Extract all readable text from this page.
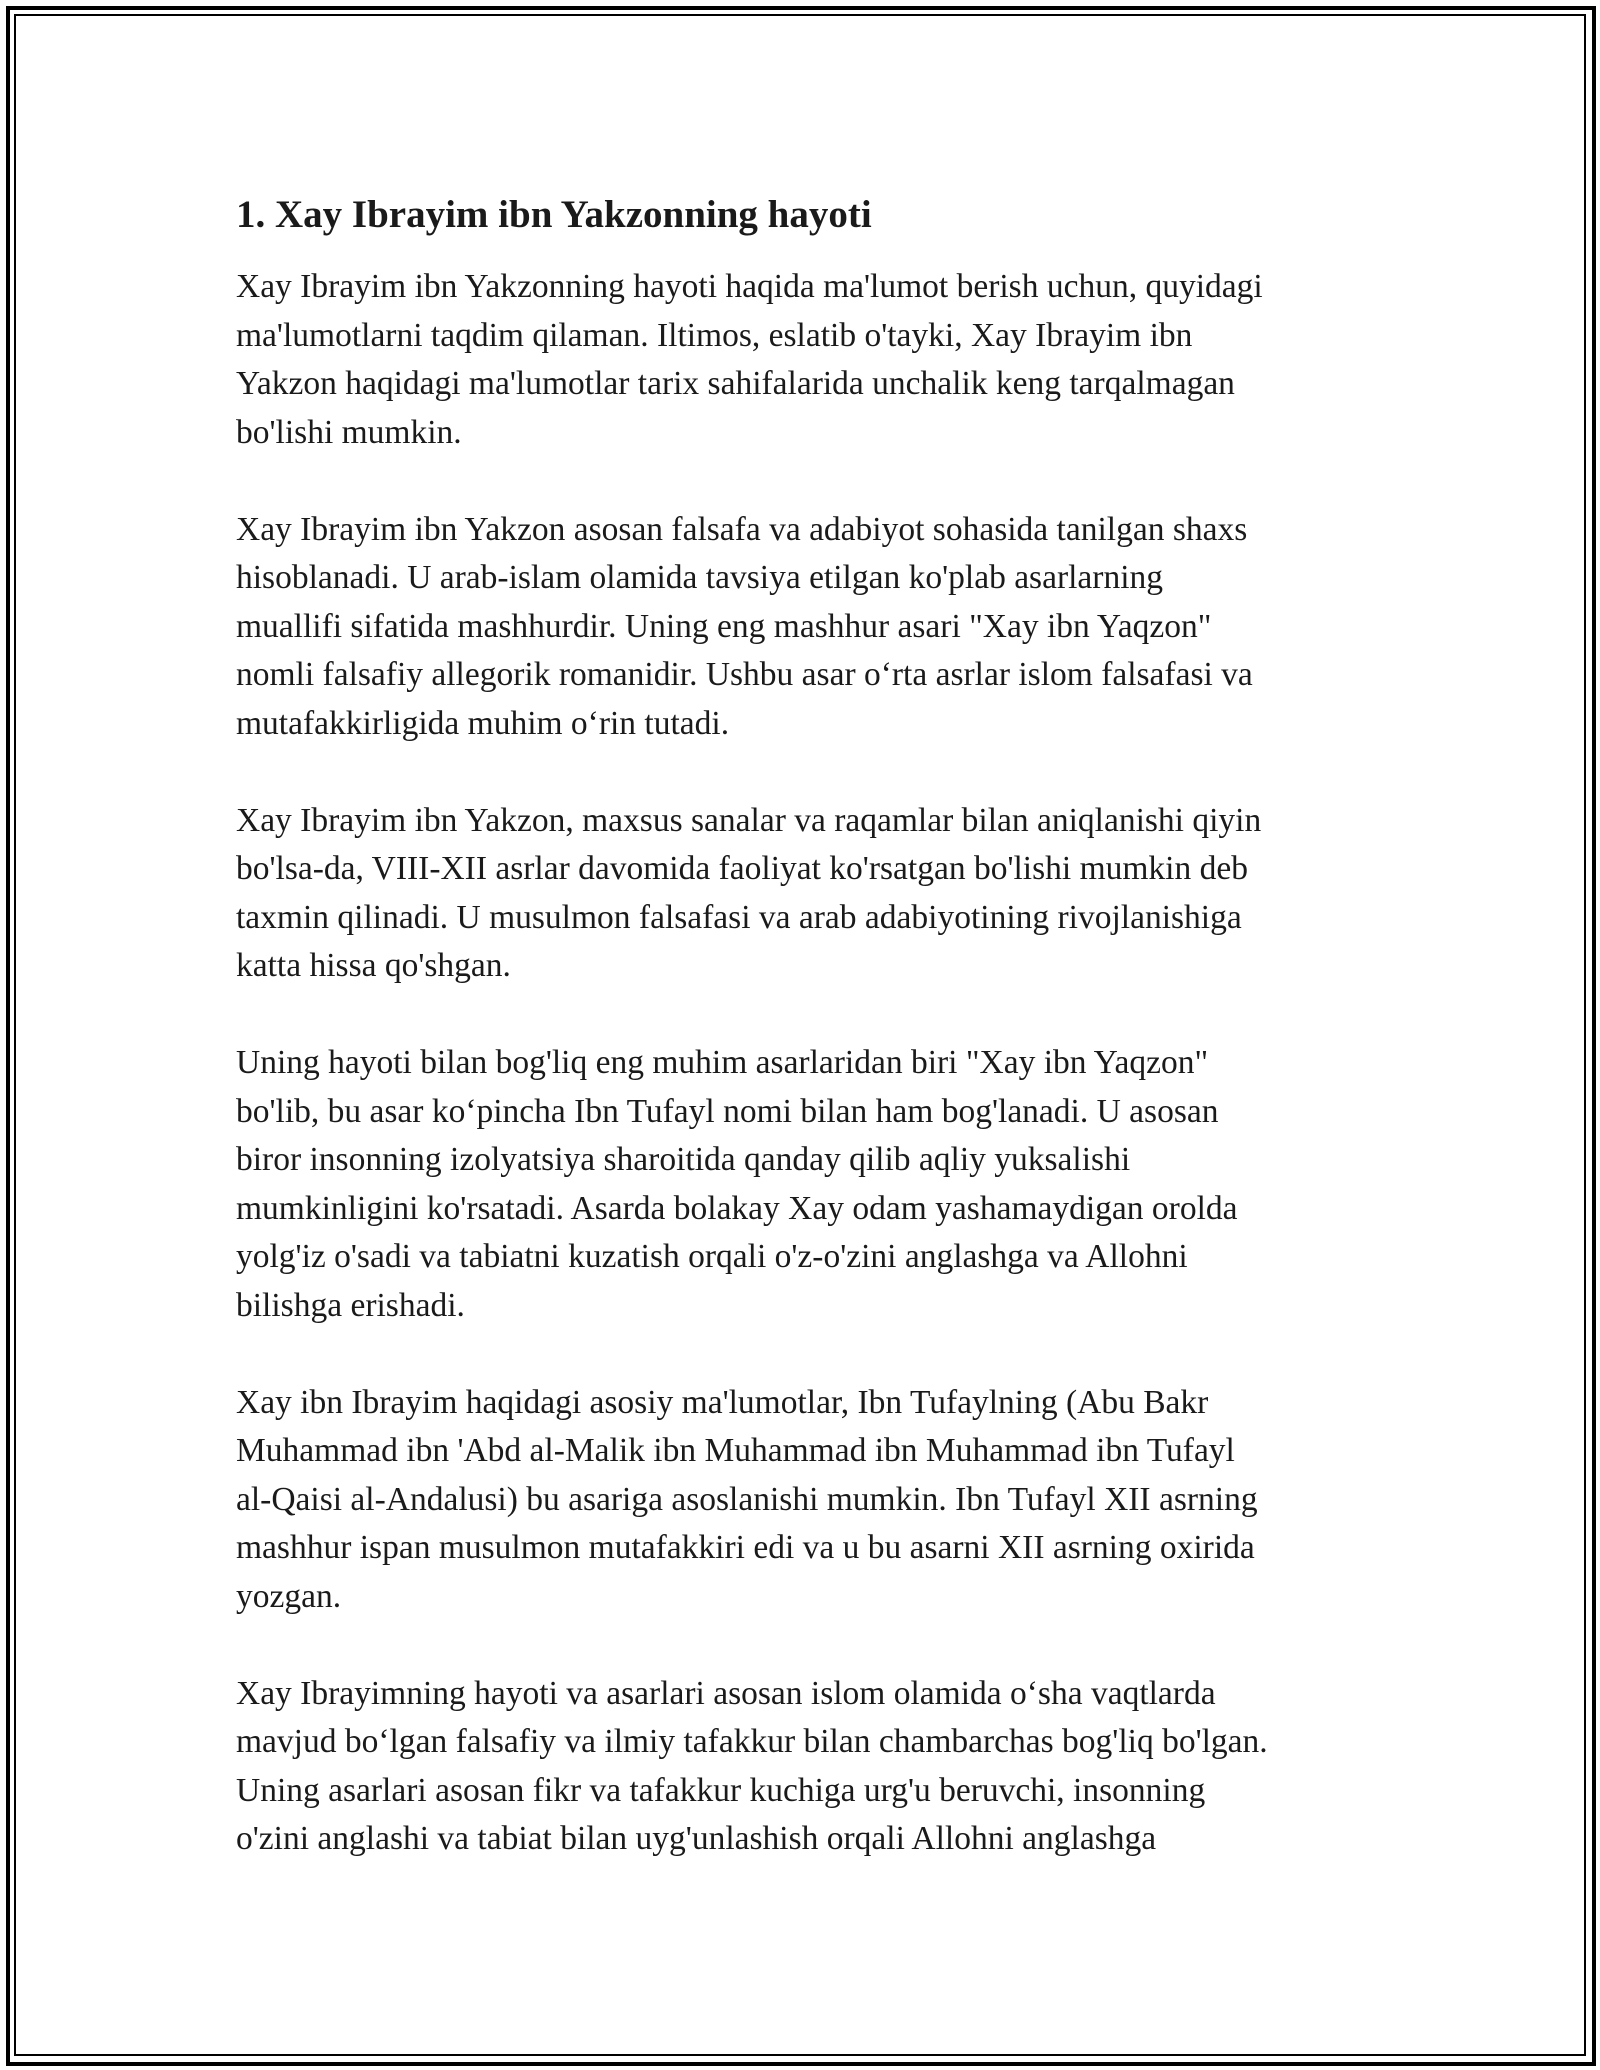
1. Xay Ibrayim ibn Yakzonning hayoti

Xay Ibrayim ibn Yakzonning hayoti haqida ma'lumot berish uchun, quyidagi
ma'lumotlarni taqdim qilaman. Iltimos, eslatib o'tayki, Xay Ibrayim ibn
Yakzon haqidagi ma'lumotlar tarix sahifalarida unchalik keng tarqalmagan
bo'lishi mumkin.

Xay Ibrayim ibn Yakzon asosan falsafa va adabiyot sohasida tanilgan shaxs
hisoblanadi. U arab-islam olamida tavsiya etilgan ko'plab asarlarning
muallifi sifatida mashhurdir. Uning eng mashhur asari "Xay ibn Yaqzon"
nomli falsafiy allegorik romanidir. Ushbu asar o‘rta asrlar islom falsafasi va
mutafakkirligida muhim o‘rin tutadi.

Xay Ibrayim ibn Yakzon, maxsus sanalar va raqamlar bilan aniqlanishi qiyin
bo'lsa-da, VIII-XII asrlar davomida faoliyat ko'rsatgan bo'lishi mumkin deb
taxmin qilinadi. U musulmon falsafasi va arab adabiyotining rivojlanishiga
katta hissa qo'shgan.

Uning hayoti bilan bog'liq eng muhim asarlaridan biri "Xay ibn Yaqzon"
bo'lib, bu asar ko‘pincha Ibn Tufayl nomi bilan ham bog'lanadi. U asosan
biror insonning izolyatsiya sharoitida qanday qilib aqliy yuksalishi
mumkinligini ko'rsatadi. Asarda bolakay Xay odam yashamaydigan orolda
yolg'iz o'sadi va tabiatni kuzatish orqali o'z-o'zini anglashga va Allohni
bilishga erishadi.

Xay ibn Ibrayim haqidagi asosiy ma'lumotlar, Ibn Tufaylning (Abu Bakr
Muhammad ibn 'Abd al-Malik ibn Muhammad ibn Muhammad ibn Tufayl
al-Qaisi al-Andalusi) bu asariga asoslanishi mumkin. Ibn Tufayl XII asrning
mashhur ispan musulmon mutafakkiri edi va u bu asarni XII asrning oxirida
yozgan.

Xay Ibrayimning hayoti va asarlari asosan islom olamida o‘sha vaqtlarda
mavjud bo‘lgan falsafiy va ilmiy tafakkur bilan chambarchas bog'liq bo'lgan.
Uning asarlari asosan fikr va tafakkur kuchiga urg'u beruvchi, insonning
o'zini anglashi va tabiat bilan uyg'unlashish orqali Allohni anglashga
